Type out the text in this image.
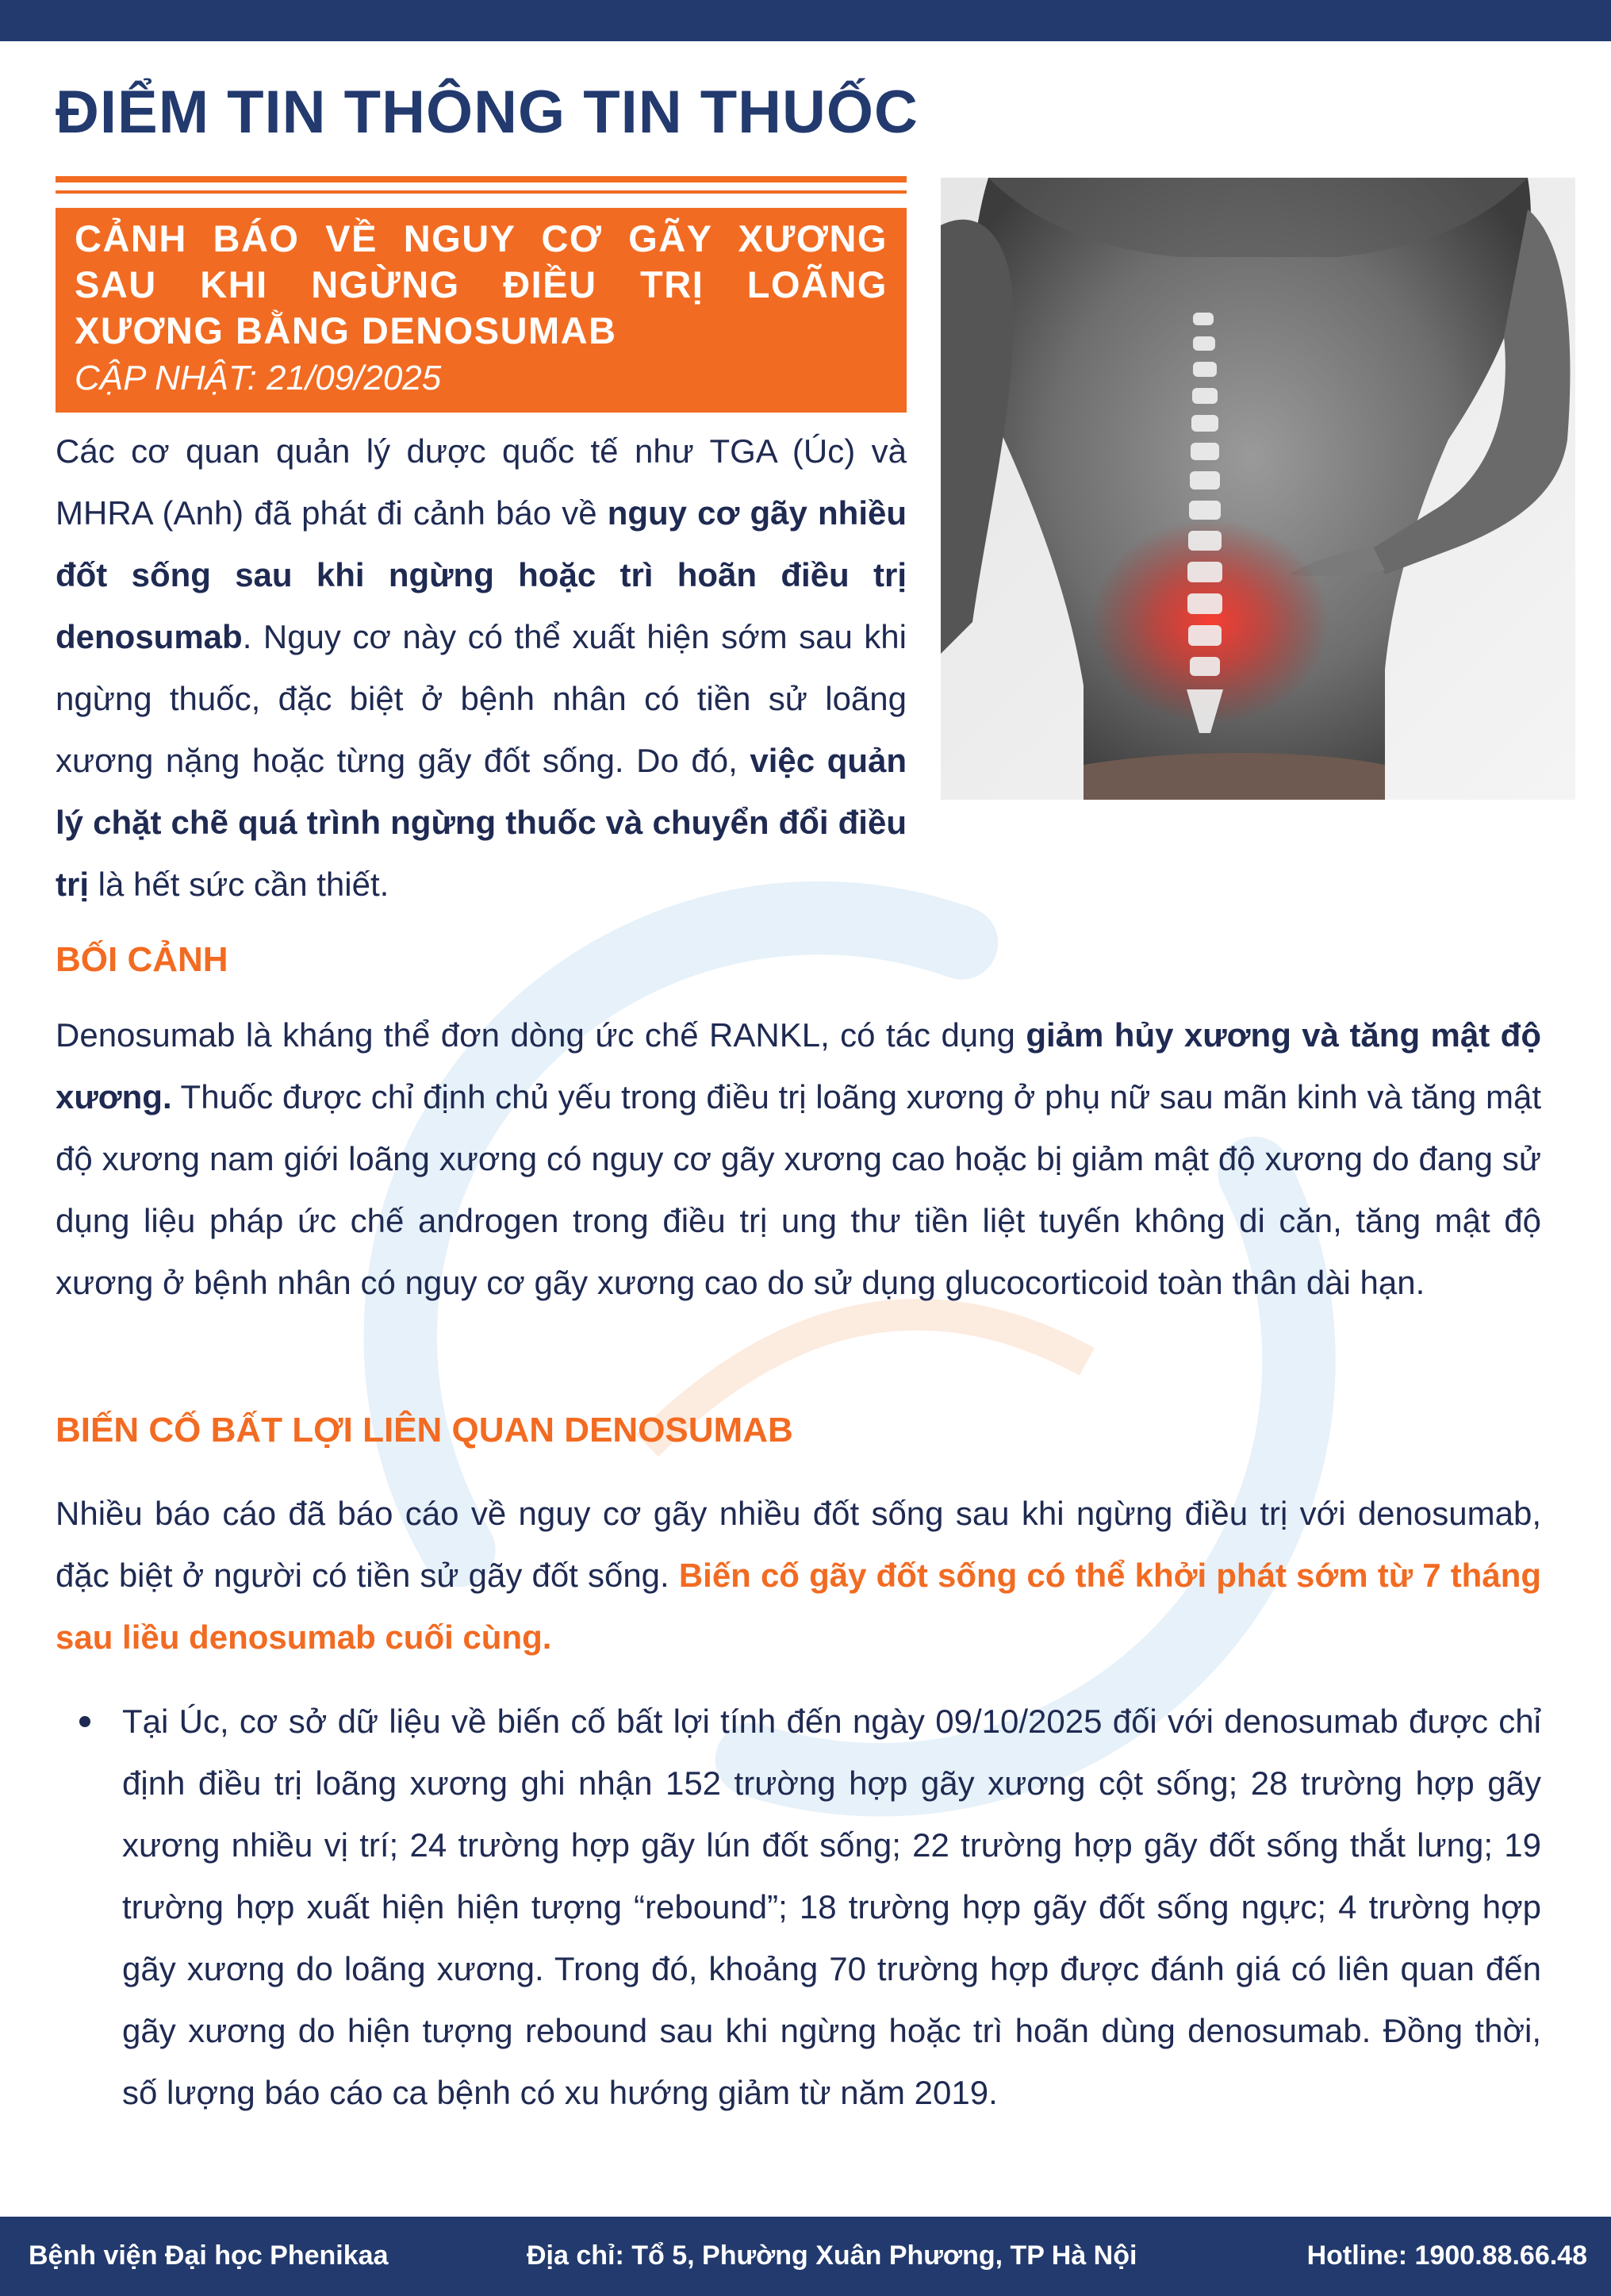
ĐIỂM TIN THÔNG TIN THUỐC
CẢNH BÁO VỀ NGUY CƠ GÃY XƯƠNG SAU KHI NGỪNG ĐIỀU TRỊ LOÃNG XƯƠNG BẰNG DENOSUMAB
CẬP NHẬT: 21/09/2025

Các cơ quan quản lý dược quốc tế như TGA (Úc) và MHRA (Anh) đã phát đi cảnh báo về nguy cơ gãy nhiều đốt sống sau khi ngừng hoặc trì hoãn điều trị denosumab. Nguy cơ này có thể xuất hiện sớm sau khi ngừng thuốc, đặc biệt ở bệnh nhân có tiền sử loãng xương nặng hoặc từng gãy đốt sống. Do đó, việc quản lý chặt chẽ quá trình ngừng thuốc và chuyển đổi điều trị là hết sức cần thiết.

BỐI CẢNH

Denosumab là kháng thể đơn dòng ức chế RANKL, có tác dụng giảm hủy xương và tăng mật độ xương. Thuốc được chỉ định chủ yếu trong điều trị loãng xương ở phụ nữ sau mãn kinh và tăng mật độ xương nam giới loãng xương có nguy cơ gãy xương cao hoặc bị giảm mật độ xương do đang sử dụng liệu pháp ức chế androgen trong điều trị ung thư tiền liệt tuyến không di căn, tăng mật độ xương ở bệnh nhân có nguy cơ gãy xương cao do sử dụng glucocorticoid toàn thân dài hạn.

BIẾN CỐ BẤT LỢI LIÊN QUAN DENOSUMAB

Nhiều báo cáo đã báo cáo về nguy cơ gãy nhiều đốt sống sau khi ngừng điều trị với denosumab, đặc biệt ở người có tiền sử gãy đốt sống. Biến cố gãy đốt sống có thể khởi phát sớm từ 7 tháng sau liều denosumab cuối cùng.

Tại Úc, cơ sở dữ liệu về biến cố bất lợi tính đến ngày 09/10/2025 đối với denosumab được chỉ định điều trị loãng xương ghi nhận 152 trường hợp gãy xương cột sống; 28 trường hợp gãy xương nhiều vị trí; 24 trường hợp gãy lún đốt sống; 22 trường hợp gãy đốt sống thắt lưng; 19 trường hợp xuất hiện hiện tượng “rebound”; 18 trường hợp gãy đốt sống ngực; 4 trường hợp gãy xương do loãng xương. Trong đó, khoảng 70 trường hợp được đánh giá có liên quan đến gãy xương do hiện tượng rebound sau khi ngừng hoặc trì hoãn dùng denosumab. Đồng thời, số lượng báo cáo ca bệnh có xu hướng giảm từ năm 2019.
Bệnh viện Đại học Phenikaa	Địa chỉ: Tổ 5, Phường Xuân Phương, TP Hà Nội	Hotline: 1900.88.66.48
